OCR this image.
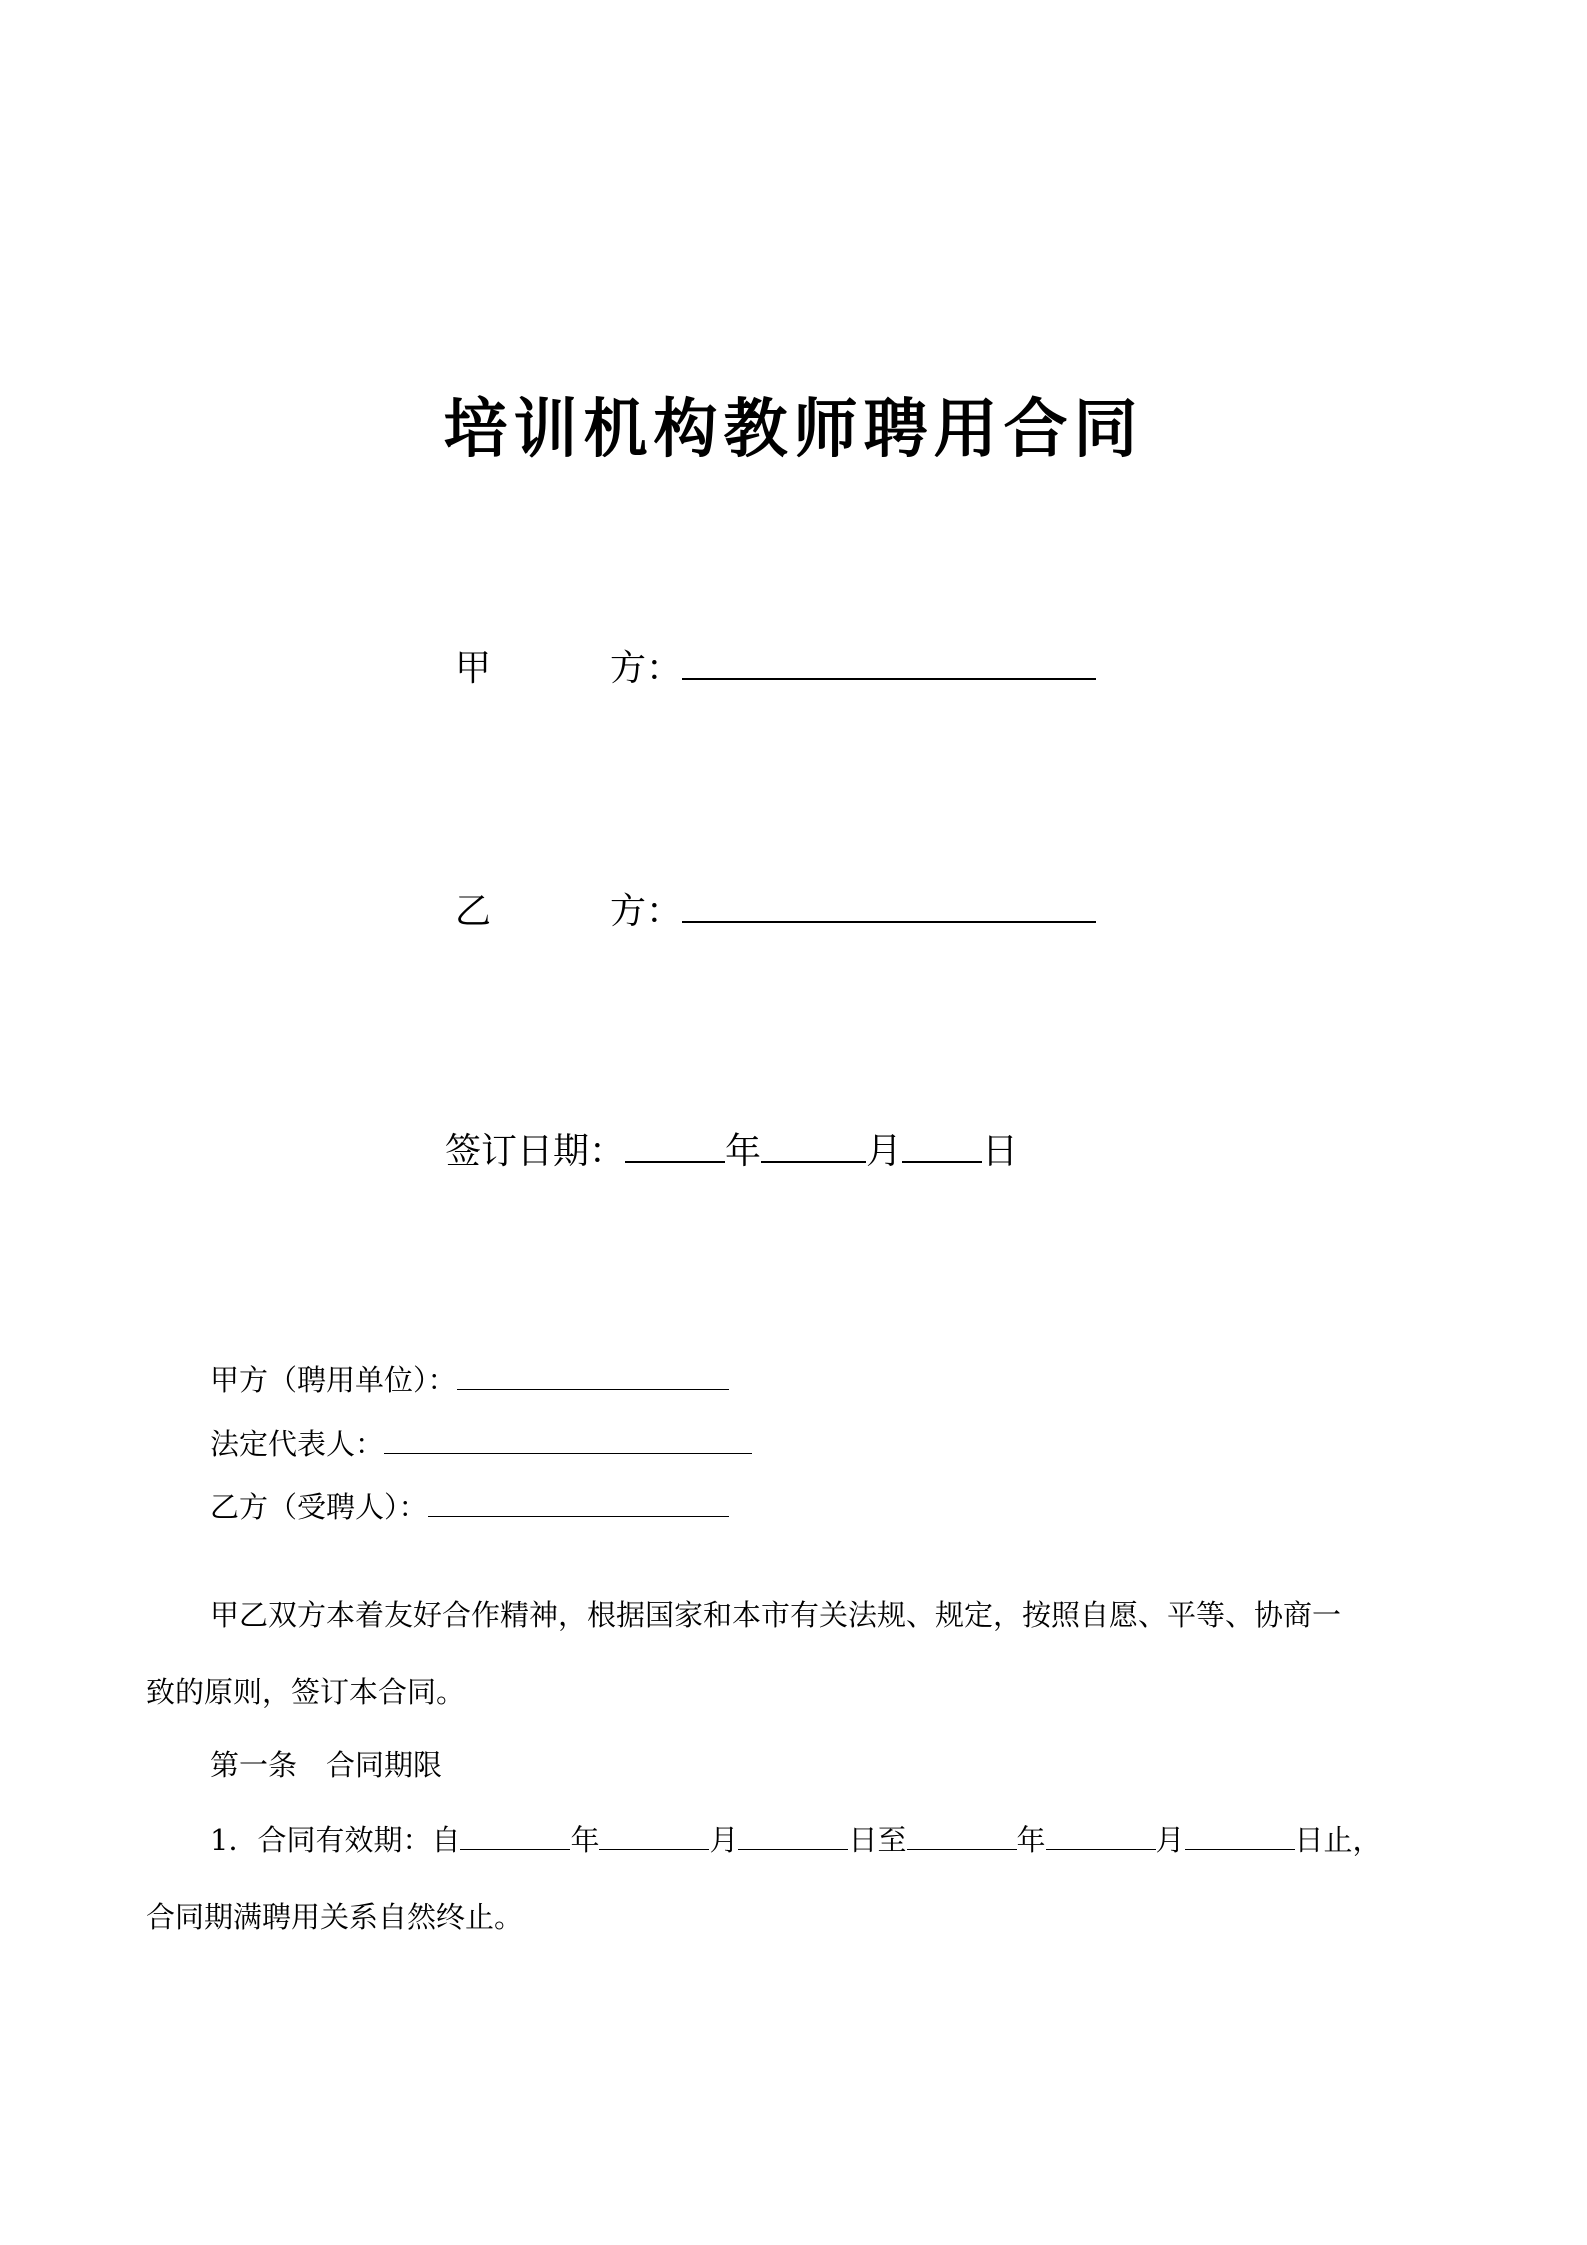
培训机构教师聘用合同
甲	方：
乙	方：
签订日期：	年	月 日
甲方（聘用单位）：
法定代表人：
乙方（受聘人）：
甲乙双方本着友好合作精神，根据国家和本市有关法规、规定，按照自愿、平等、协商一
致的原则，签订本合同。
第一条　合同期限
1．合同有效期：自	年	月	日至	年	月	日止，
合同期满聘用关系自然终止。
